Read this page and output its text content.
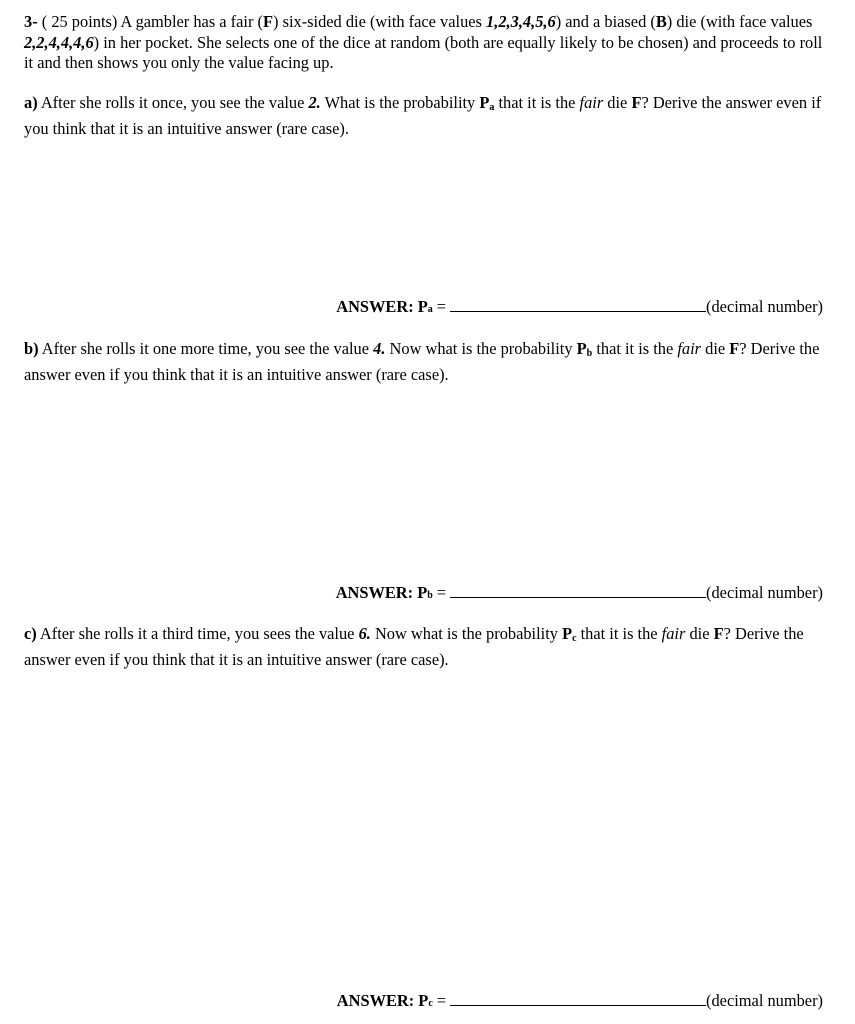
3- ( 25 points) A gambler has a fair (F) six-sided die (with face values 1,2,3,4,5,6) and a biased (B) die (with face values 2,2,4,4,4,6) in her pocket. She selects one of the dice at random (both are equally likely to be chosen) and proceeds to roll it and then shows you only the value facing up.

a) After she rolls it once, you see the value 2. What is the probability $P_a$ that it is the fair die F? Derive the answer even if you think that it is an intuitive answer (rare case).

ANSWER: P a =	(decimal number)

b) After she rolls it one more time, you see the value 4. Now what is the probability $P_b$ that it is the fair die F? Derive the answer even if you think that it is an intuitive answer (rare case).

ANSWER: P b =	(decimal number)

c) After she rolls it a third time, you sees the value 6. Now what is the probability $P_c$ that it is the fair die F? Derive the answer even if you think that it is an intuitive answer (rare case).

ANSWER: P c =	(decimal number)
